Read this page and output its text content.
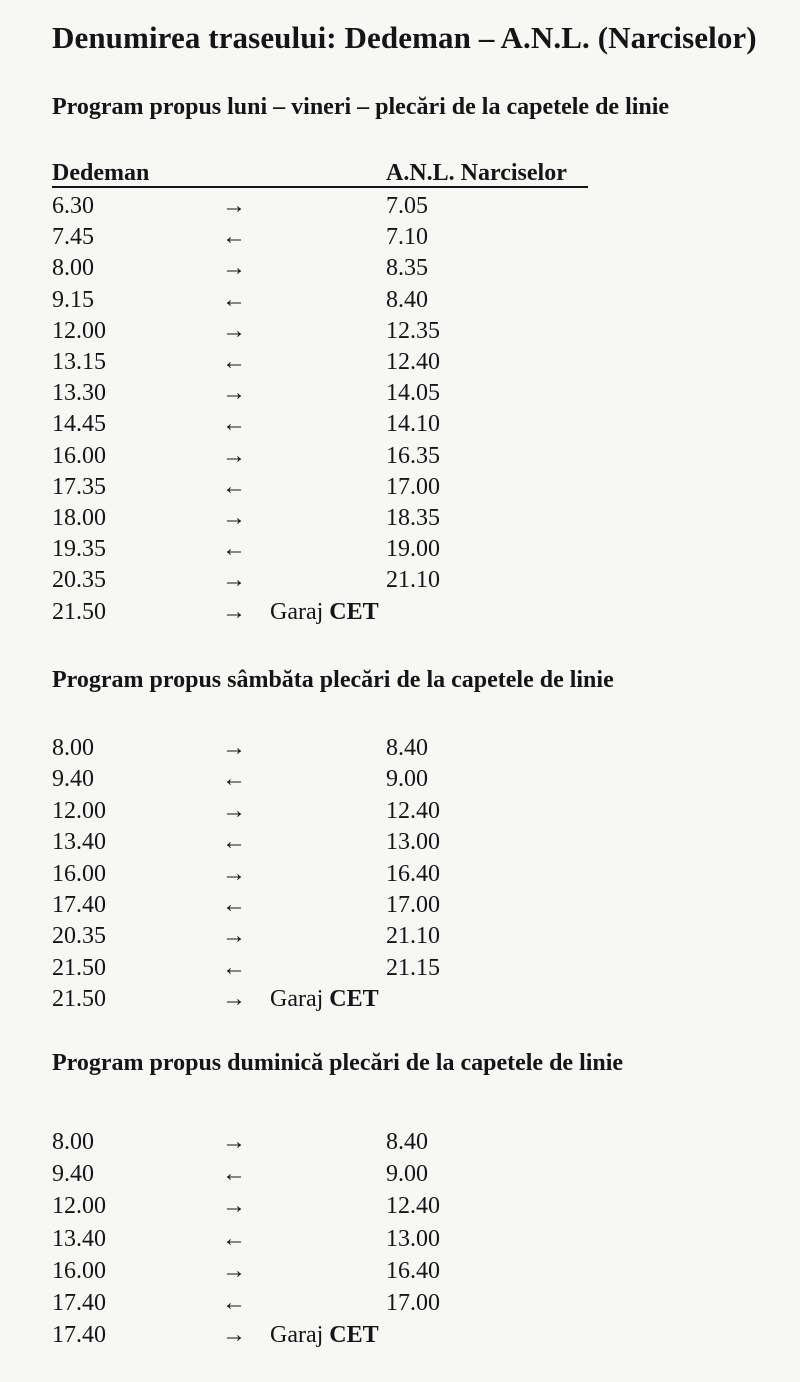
Denumirea traseului: Dedeman – A.N.L. (Narciselor)
Program propus luni – vineri – plecări de la capetele de linie
Dedeman	A.N.L. Narciselor
6.30	→	7.05
7.45	←	7.10
8.00	→	8.35
9.15	←	8.40
12.00	→	12.35
13.15	←	12.40
13.30	→	14.05
14.45	←	14.10
16.00	→	16.35
17.35	←	17.00
18.00	→	18.35
19.35	←	19.00
20.35	→	21.10
21.50	→ Garaj CET
Program propus sâmbăta plecări de la capetele de linie
8.00	→	8.40
9.40	←	9.00
12.00	→	12.40
13.40	←	13.00
16.00	→	16.40
17.40	←	17.00
20.35	→	21.10
21.50	←	21.15
21.50	→ Garaj CET
Program propus duminică plecări de la capetele de linie
8.00	→	8.40
9.40	←	9.00
12.00	→	12.40
13.40	←	13.00
16.00	→	16.40
17.40	←	17.00
17.40	→ Garaj CET
